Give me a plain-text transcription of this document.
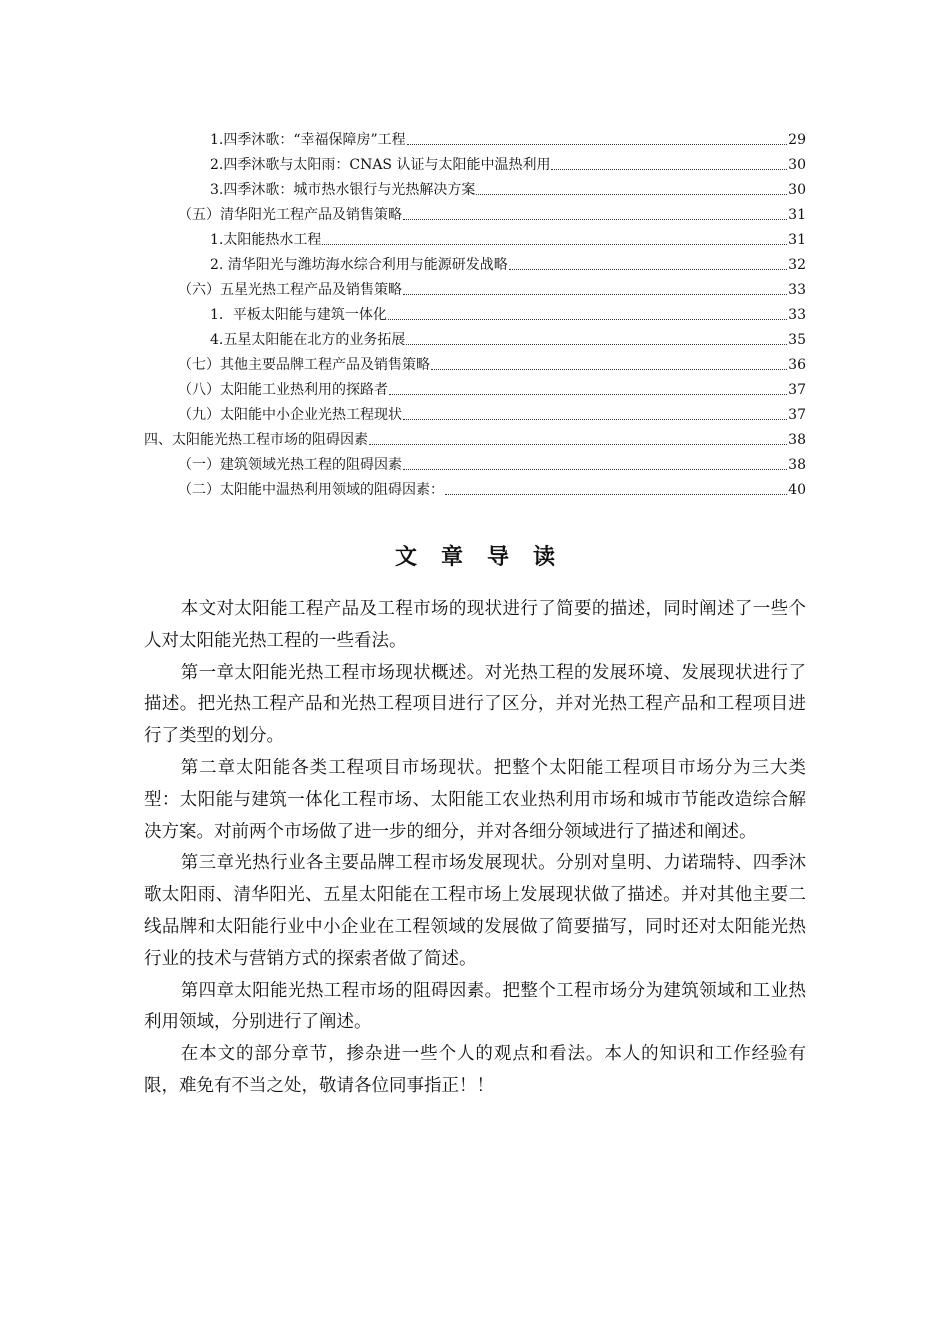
1.四季沐歌：“幸福保障房”工程	29
2.四季沐歌与太阳雨：CNAS 认证与太阳能中温热利用	30
3.四季沐歌：城市热水银行与光热解决方案	30
（五）清华阳光工程产品及销售策略	31
1.太阳能热水工程	31
2. 清华阳光与潍坊海水综合利用与能源研发战略	32
（六）五星光热工程产品及销售策略	33
1．平板太阳能与建筑一体化	33
4.五星太阳能在北方的业务拓展	35
（七）其他主要品牌工程产品及销售策略	36
（八）太阳能工业热利用的探路者	37
（九）太阳能中小企业光热工程现状	37
四、太阳能光热工程市场的阻碍因素	38
（一）建筑领域光热工程的阻碍因素	38
（二）太阳能中温热利用领域的阻碍因素：	40
文章导读

本文对太阳能工程产品及工程市场的现状进行了简要的描述，同时阐述了一些个人对太阳能光热工程的一些看法。

第一章太阳能光热工程市场现状概述。对光热工程的发展环境、发展现状进行了描述。把光热工程产品和光热工程项目进行了区分，并对光热工程产品和工程项目进行了类型的划分。

第二章太阳能各类工程项目市场现状。把整个太阳能工程项目市场分为三大类型：太阳能与建筑一体化工程市场、太阳能工农业热利用市场和城市节能改造综合解决方案。对前两个市场做了进一步的细分，并对各细分领域进行了描述和阐述。

第三章光热行业各主要品牌工程市场发展现状。分别对皇明、力诺瑞特、四季沐歌太阳雨、清华阳光、五星太阳能在工程市场上发展现状做了描述。并对其他主要二线品牌和太阳能行业中小企业在工程领域的发展做了简要描写，同时还对太阳能光热行业的技术与营销方式的探索者做了简述。

第四章太阳能光热工程市场的阻碍因素。把整个工程市场分为建筑领域和工业热利用领域，分别进行了阐述。

在本文的部分章节，掺杂进一些个人的观点和看法。本人的知识和工作经验有限，难免有不当之处，敬请各位同事指正！！
